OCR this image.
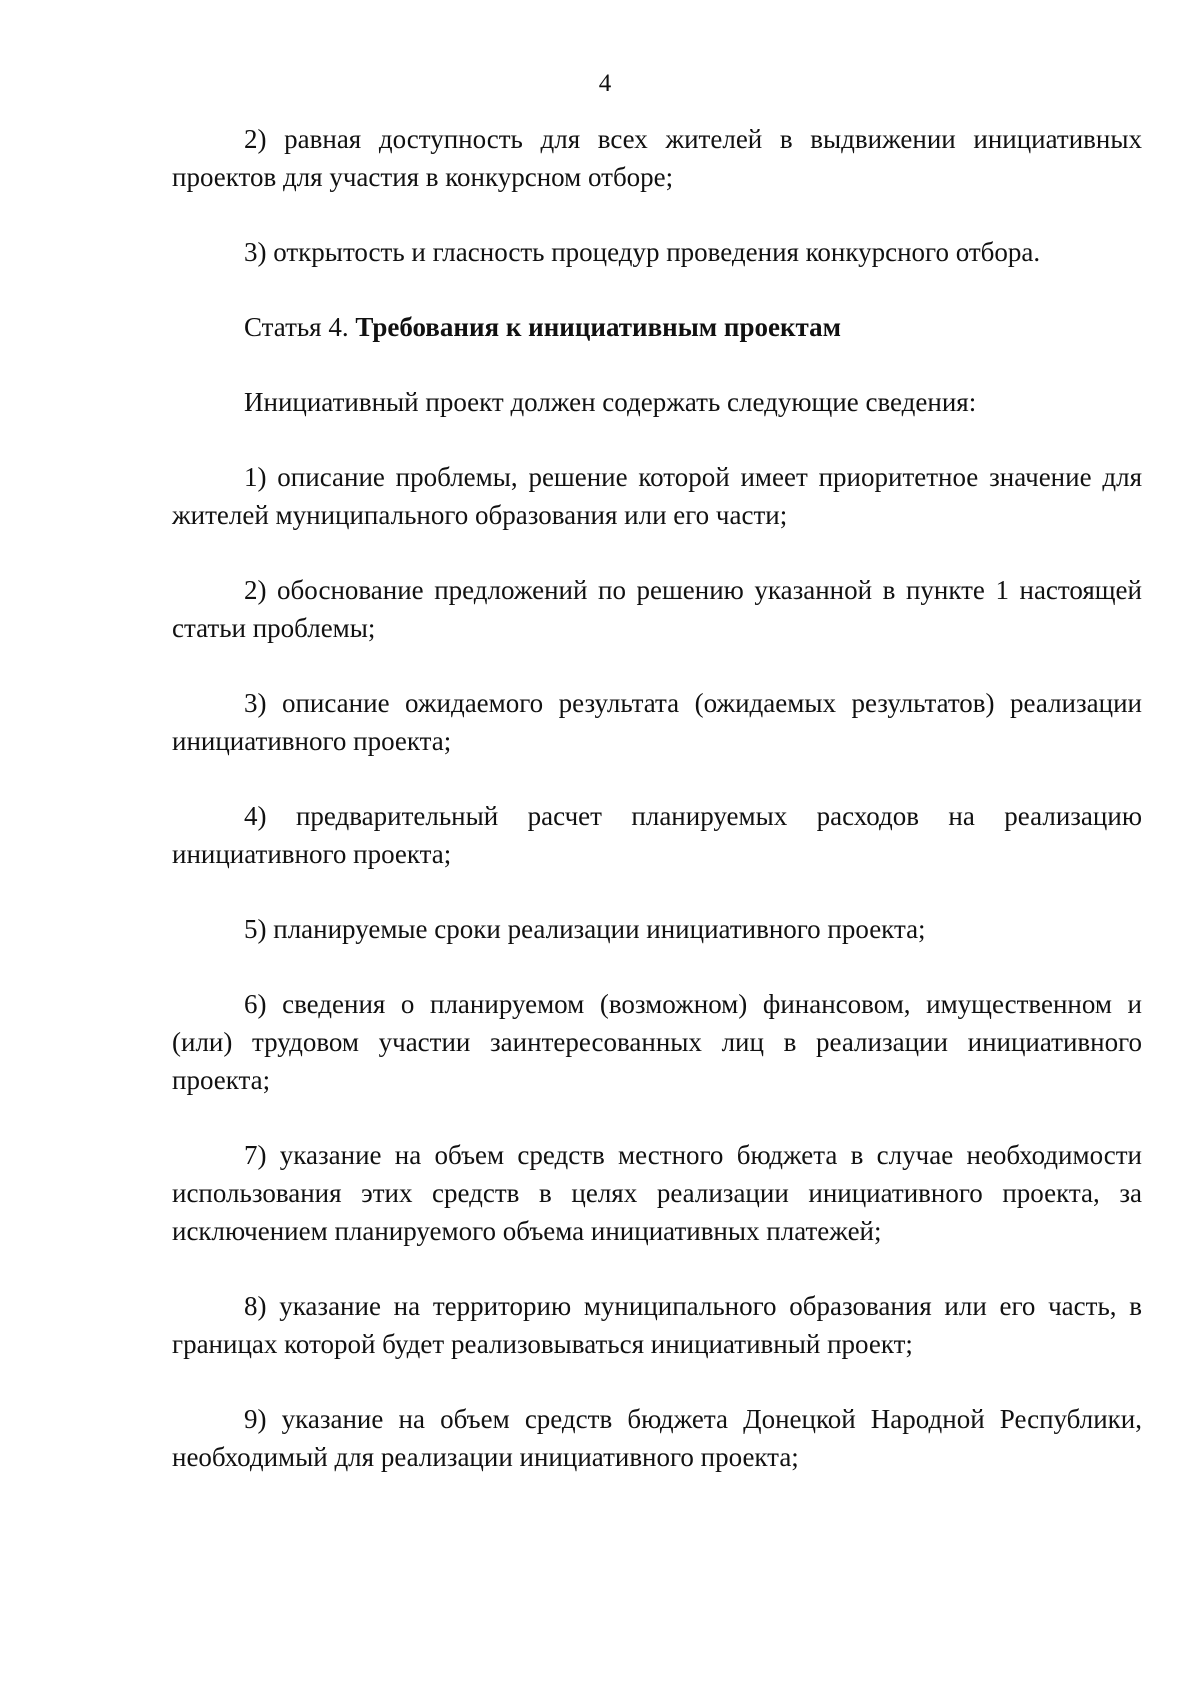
4

2) равная доступность для всех жителей в выдвижении инициативных проектов для участия в конкурсном отборе;

3) открытость и гласность процедур проведения конкурсного отбора.

Статья 4. Требования к инициативным проектам

Инициативный проект должен содержать следующие сведения:

1) описание проблемы, решение которой имеет приоритетное значение для жителей муниципального образования или его части;

2) обоснование предложений по решению указанной в пункте 1 настоящей статьи проблемы;

3) описание ожидаемого результата (ожидаемых результатов) реализации инициативного проекта;

4) предварительный расчет планируемых расходов на реализацию инициативного проекта;

5) планируемые сроки реализации инициативного проекта;

6) сведения о планируемом (возможном) финансовом, имущественном и (или) трудовом участии заинтересованных лиц в реализации инициативного проекта;

7) указание на объем средств местного бюджета в случае необходимости использования этих средств в целях реализации инициативного проекта, за исключением планируемого объема инициативных платежей;

8) указание на территорию муниципального образования или его часть, в границах которой будет реализовываться инициативный проект;

9) указание на объем средств бюджета Донецкой Народной Республики, необходимый для реализации инициативного проекта;
